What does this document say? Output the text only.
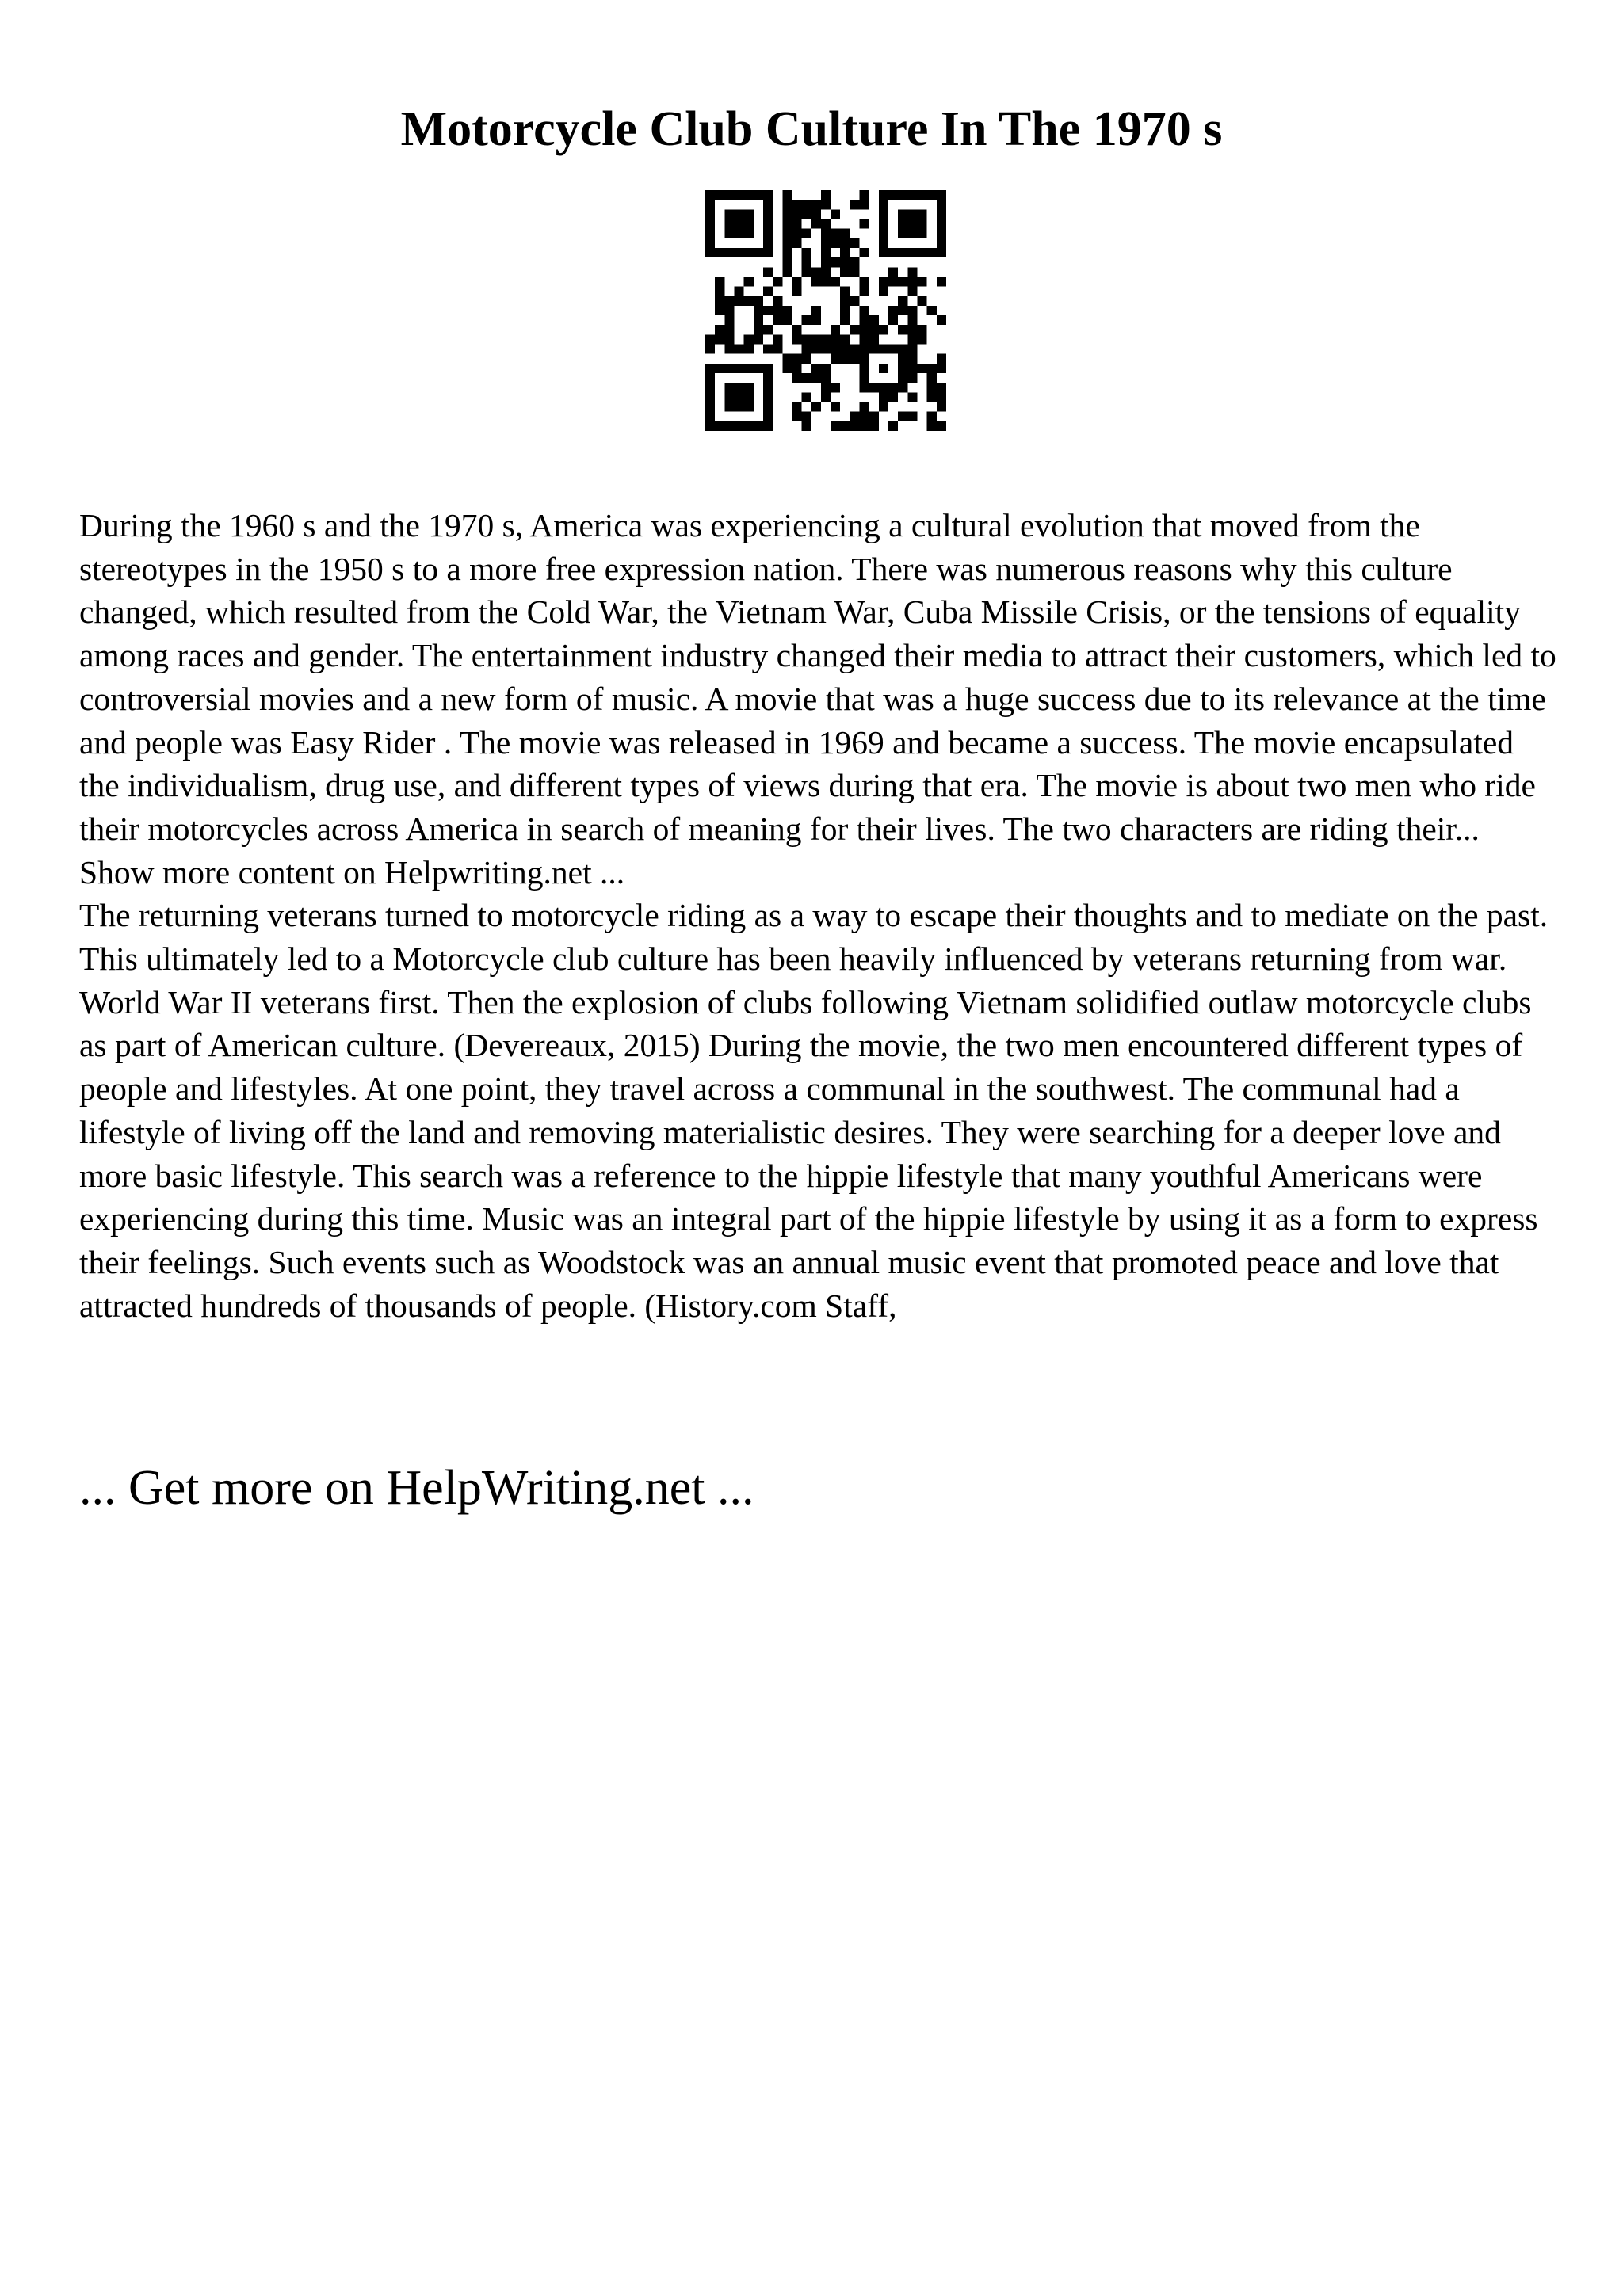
Motorcycle Club Culture In The 1970 s

During the 1960 s and the 1970 s, America was experiencing a cultural evolution that moved from the stereotypes in the 1950 s to a more free expression nation. There was numerous reasons why this culture changed, which resulted from the Cold War, the Vietnam War, Cuba Missile Crisis, or the tensions of equality among races and gender. The entertainment industry changed their media to attract their customers, which led to controversial movies and a new form of music. A movie that was a huge success due to its relevance at the time and people was Easy Rider . The movie was released in 1969 and became a success. The movie encapsulated the individualism, drug use, and different types of views during that era. The movie is about two men who ride their motorcycles across America in search of meaning for their lives. The two characters are riding their... Show more content on Helpwriting.net ...

The returning veterans turned to motorcycle riding as a way to escape their thoughts and to mediate on the past. This ultimately led to a Motorcycle club culture has been heavily influenced by veterans returning from war. World War II veterans first. Then the explosion of clubs following Vietnam solidified outlaw motorcycle clubs as part of American culture. (Devereaux, 2015) During the movie, the two men encountered different types of people and lifestyles. At one point, they travel across a communal in the southwest. The communal had a lifestyle of living off the land and removing materialistic desires. They were searching for a deeper love and more basic lifestyle. This search was a reference to the hippie lifestyle that many youthful Americans were experiencing during this time. Music was an integral part of the hippie lifestyle by using it as a form to express their feelings. Such events such as Woodstock was an annual music event that promoted peace and love that attracted hundreds of thousands of people. (History.com Staff,

... Get more on HelpWriting.net ...
